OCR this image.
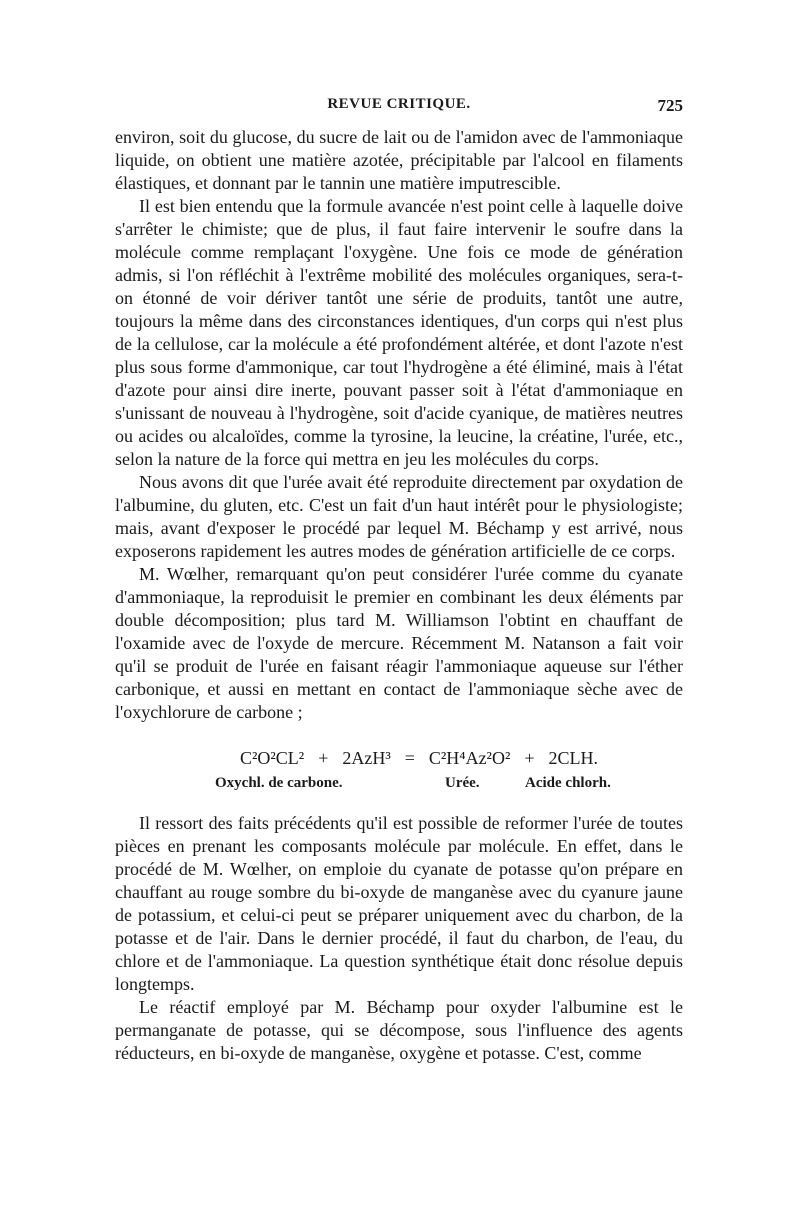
REVUE CRITIQUE.	725

environ, soit du glucose, du sucre de lait ou de l'amidon avec de l'ammoniaque liquide, on obtient une matière azotée, précipitable par l'alcool en filaments élastiques, et donnant par le tannin une matière imputrescible.

Il est bien entendu que la formule avancée n'est point celle à laquelle doive s'arrêter le chimiste; que de plus, il faut faire intervenir le soufre dans la molécule comme remplaçant l'oxygène. Une fois ce mode de génération admis, si l'on réfléchit à l'extrême mobilité des molécules organiques, sera-t-on étonné de voir dériver tantôt une série de produits, tantôt une autre, toujours la même dans des circonstances identiques, d'un corps qui n'est plus de la cellulose, car la molécule a été profondément altérée, et dont l'azote n'est plus sous forme d'ammonique, car tout l'hydrogène a été éliminé, mais à l'état d'azote pour ainsi dire inerte, pouvant passer soit à l'état d'ammoniaque en s'unissant de nouveau à l'hydrogène, soit d'acide cyanique, de matières neutres ou acides ou alcaloïdes, comme la tyrosine, la leucine, la créatine, l'urée, etc., selon la nature de la force qui mettra en jeu les molécules du corps.

Nous avons dit que l'urée avait été reproduite directement par oxydation de l'albumine, du gluten, etc. C'est un fait d'un haut intérêt pour le physiologiste; mais, avant d'exposer le procédé par lequel M. Béchamp y est arrivé, nous exposerons rapidement les autres modes de génération artificielle de ce corps.

M. Wœlher, remarquant qu'on peut considérer l'urée comme du cyanate d'ammoniaque, la reproduisit le premier en combinant les deux éléments par double décomposition; plus tard M. Williamson l'obtint en chauffant de l'oxamide avec de l'oxyde de mercure. Récemment M. Natanson a fait voir qu'il se produit de l'urée en faisant réagir l'ammoniaque aqueuse sur l'éther carbonique, et aussi en mettant en contact de l'ammoniaque sèche avec de l'oxychlorure de carbone ;

C²O²CL² + 2AzH³ = C²H⁴Az²O² + 2CLH.
Oxychl. de carbone.	Urée.	Acide chlorh.

Il ressort des faits précédents qu'il est possible de reformer l'urée de toutes pièces en prenant les composants molécule par molécule. En effet, dans le procédé de M. Wœlher, on emploie du cyanate de potasse qu'on prépare en chauffant au rouge sombre du bi-oxyde de manganèse avec du cyanure jaune de potassium, et celui-ci peut se préparer uniquement avec du charbon, de la potasse et de l'air. Dans le dernier procédé, il faut du charbon, de l'eau, du chlore et de l'ammoniaque. La question synthétique était donc résolue depuis longtemps.

Le réactif employé par M. Béchamp pour oxyder l'albumine est le permanganate de potasse, qui se décompose, sous l'influence des agents réducteurs, en bi-oxyde de manganèse, oxygène et potasse. C'est, comme
